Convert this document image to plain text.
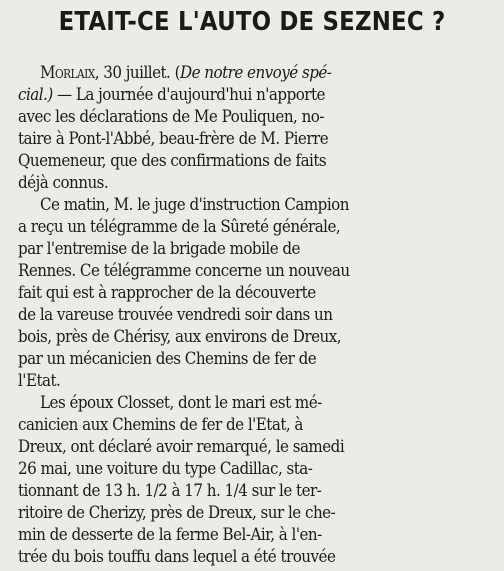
ETAIT-CE L'AUTO DE SEZNEC ?
Morlaix, 30 juillet. (De notre envoyé spé-
cial.) — La journée d'aujourd'hui n'apporte
avec les déclarations de Me Pouliquen, no-
taire à Pont-l'Abbé, beau-frère de M. Pierre
Quemeneur, que des confirmations de faits
déjà connus.
Ce matin, M. le juge d'instruction Campion
a reçu un télégramme de la Sûreté générale,
par l'entremise de la brigade mobile de
Rennes. Ce télégramme concerne un nouveau
fait qui est à rapprocher de la découverte
de la vareuse trouvée vendredi soir dans un
bois, près de Chérisy, aux environs de Dreux,
par un mécanicien des Chemins de fer de
l'Etat.
Les époux Closset, dont le mari est mé-
canicien aux Chemins de fer de l'Etat, à
Dreux, ont déclaré avoir remarqué, le samedi
26 mai, une voiture du type Cadillac, sta-
tionnant de 13 h. 1/2 à 17 h. 1/4 sur le ter-
ritoire de Cherizy, près de Dreux, sur le che-
min de desserte de la ferme Bel-Air, à l'en-
trée du bois touffu dans lequel a été trouvée
